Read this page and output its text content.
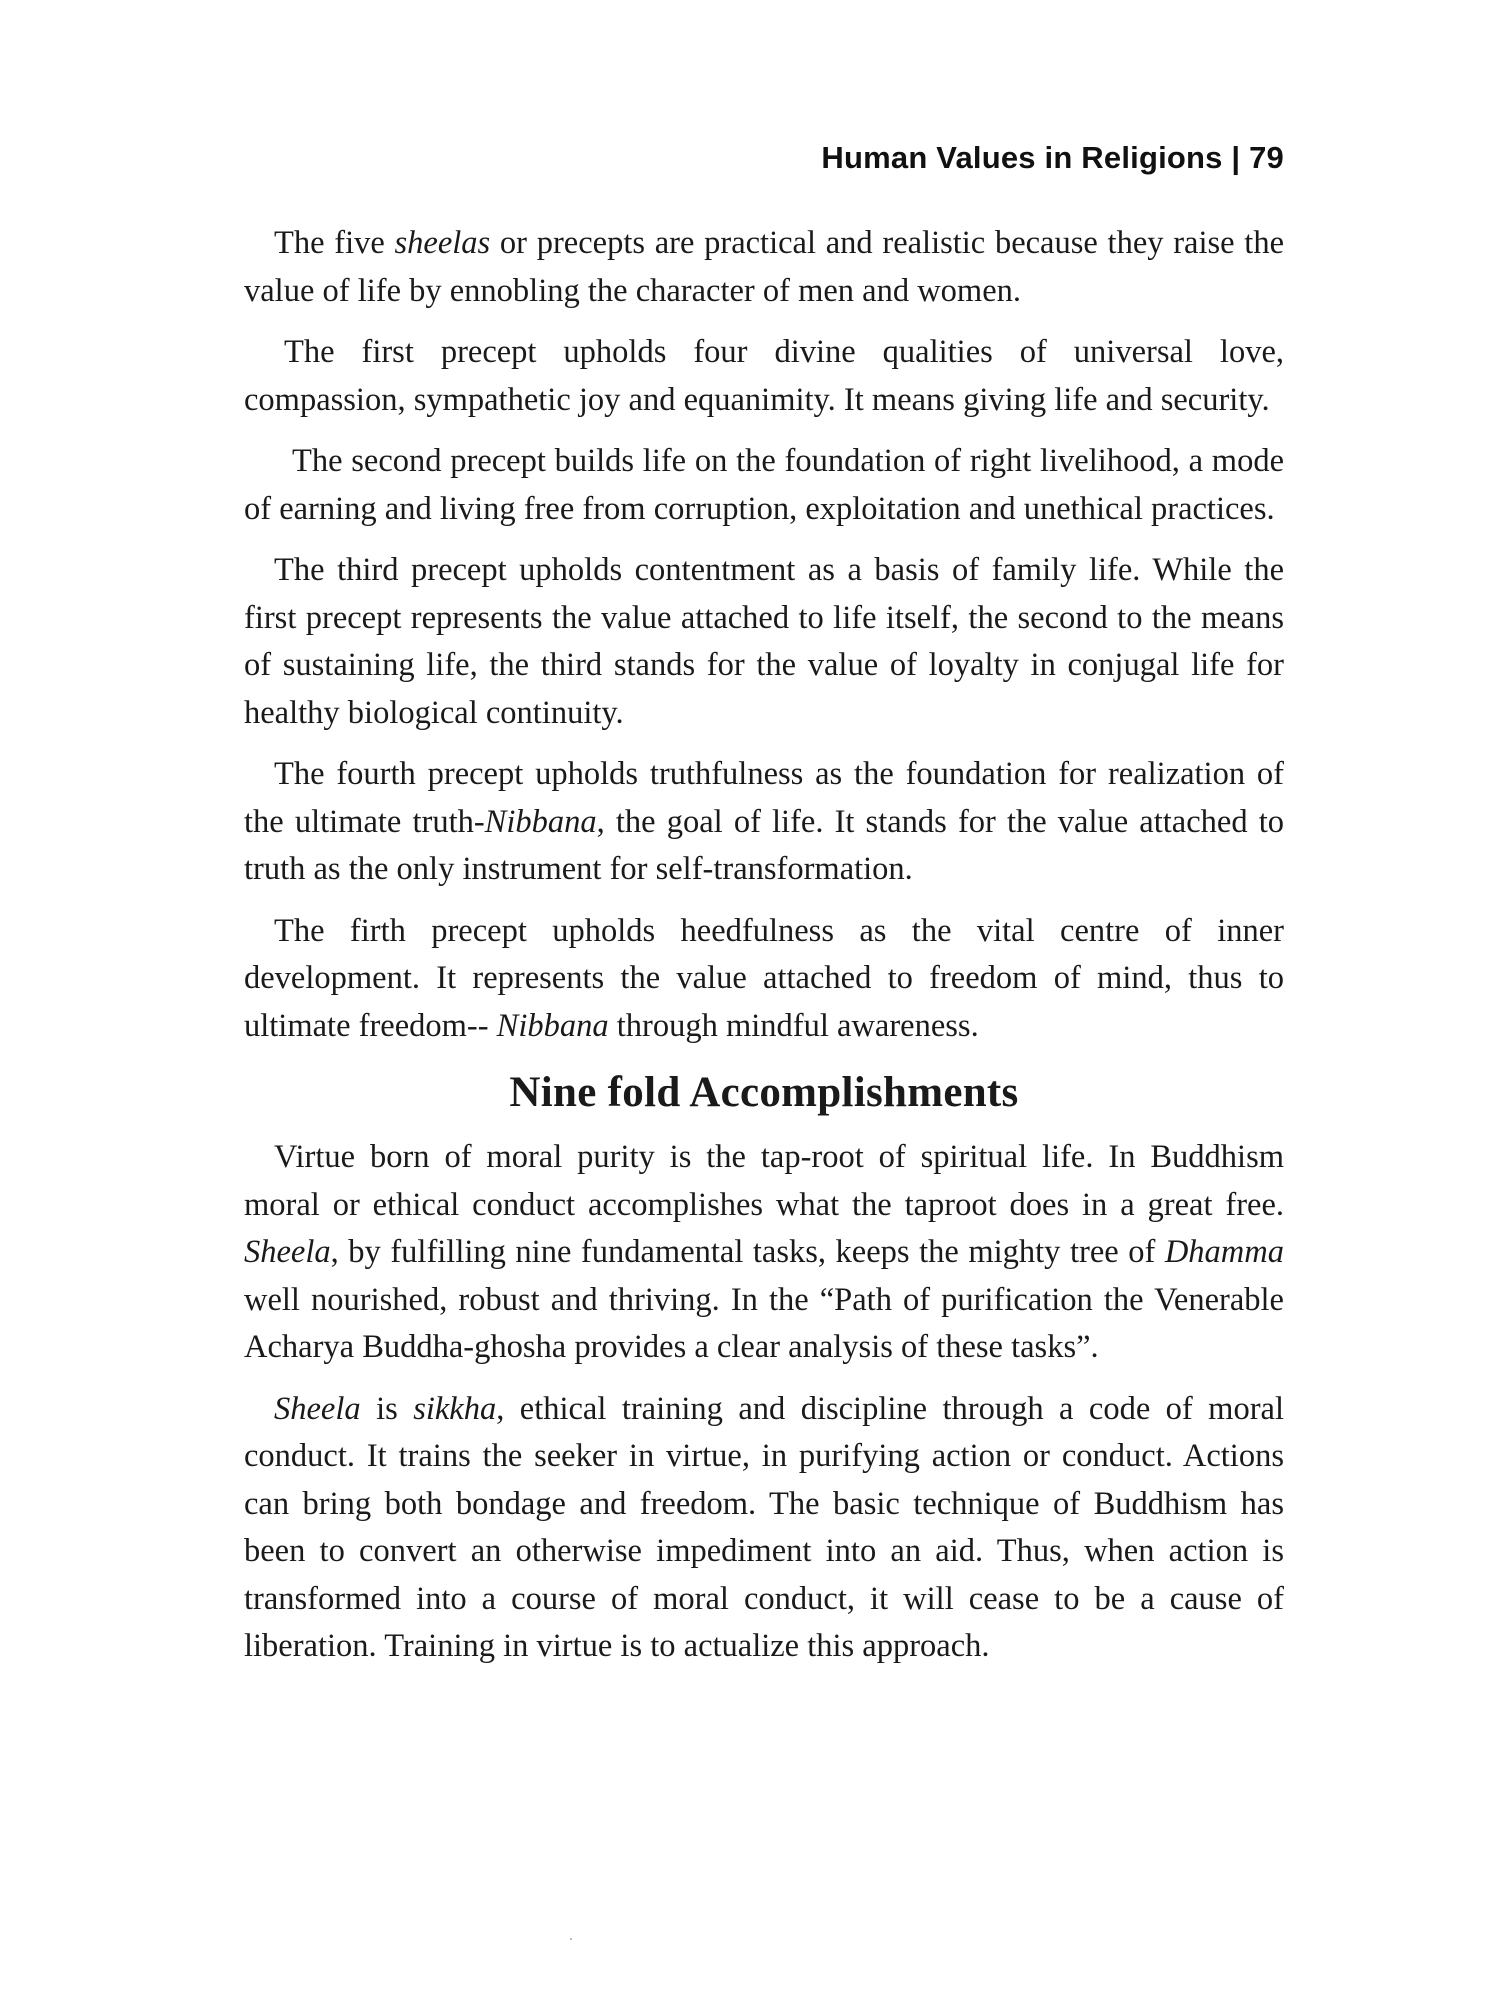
Human Values in Religions | 79

The five sheelas or precepts are practical and realistic because they raise the value of life by ennobling the character of men and women.

The first precept upholds four divine qualities of universal love, compassion, sympathetic joy and equanimity. It means giving life and security.

The second precept builds life on the foundation of right livelihood, a mode of earning and living free from corruption, exploitation and unethical practices.

The third precept upholds contentment as a basis of family life. While the first precept represents the value attached to life itself, the second to the means of sustaining life, the third stands for the value of loyalty in conjugal life for healthy biological continuity.

The fourth precept upholds truthfulness as the foundation for realization of the ultimate truth-Nibbana, the goal of life. It stands for the value attached to truth as the only instrument for self-transformation.

The firth precept upholds heedfulness as the vital centre of inner development. It represents the value attached to freedom of mind, thus to ultimate freedom-- Nibbana through mindful awareness.

Nine fold Accomplishments

Virtue born of moral purity is the tap-root of spiritual life. In Buddhism moral or ethical conduct accomplishes what the taproot does in a great free. Sheela, by fulfilling nine fundamental tasks, keeps the mighty tree of Dhamma well nourished, robust and thriving. In the “Path of purification the Venerable Acharya Buddha-ghosha provides a clear analysis of these tasks”.

Sheela is sikkha, ethical training and discipline through a code of moral conduct. It trains the seeker in virtue, in purifying action or conduct. Actions can bring both bondage and freedom. The basic technique of Buddhism has been to convert an otherwise impediment into an aid. Thus, when action is transformed into a course of moral conduct, it will cease to be a cause of liberation. Training in virtue is to actualize this approach.
